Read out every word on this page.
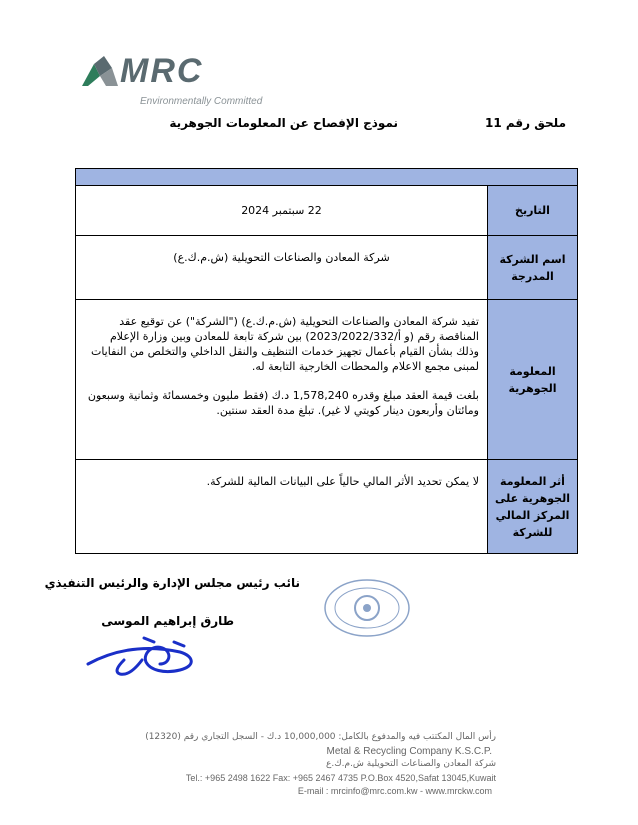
MRC
Environmentally Committed
ملحق رقم 11
نموذج الإفصاح عن المعلومات الجوهرية

التاريخ	22 سبتمبر 2024
اسم الشركة المدرجة	شركة المعادن والصناعات التحويلية (ش.م.ك.ع)
المعلومة الجوهرية	تفيد شركة المعادن والصناعات التحويلية (ش.م.ك.ع) ("الشركة") عن توقيع عقد المناقصة رقم (و أ/2023/2022/332) بين شركة تابعة للمعادن وبين وزارة الإعلام وذلك بشأن القيام بأعمال تجهيز خدمات التنظيف والنقل الداخلي والتخلص من النفايات لمبنى مجمع الاعلام والمحطات الخارجية التابعة له.
بلغت قيمة العقد مبلغ وقدره 1,578,240 د.ك (فقط مليون وخمسمائة وثمانية وسبعون ومائتان وأربعون دينار كويتي لا غير). تبلغ مدة العقد سنتين.

أثر المعلومة الجوهرية على المركز المالي للشركة	لا يمكن تحديد الأثر المالي حالياً على البيانات المالية للشركة.
نائب رئيس مجلس الإدارة والرئيس التنفيذي
طارق إبراهيم الموسى
رأس المال المكتتب فيه والمدفوع بالكامل: 10,000,000 د.ك - السجل التجاري رقم (12320)
Metal & Recycling Company K.S.C.P.
شركة المعادن والصناعات التحويلية ش.م.ك.ع
Tel.: +965 2498 1622 Fax: +965 2467 4735 P.O.Box 4520,Safat 13045,Kuwait
E-mail : mrcinfo@mrc.com.kw - www.mrckw.com
